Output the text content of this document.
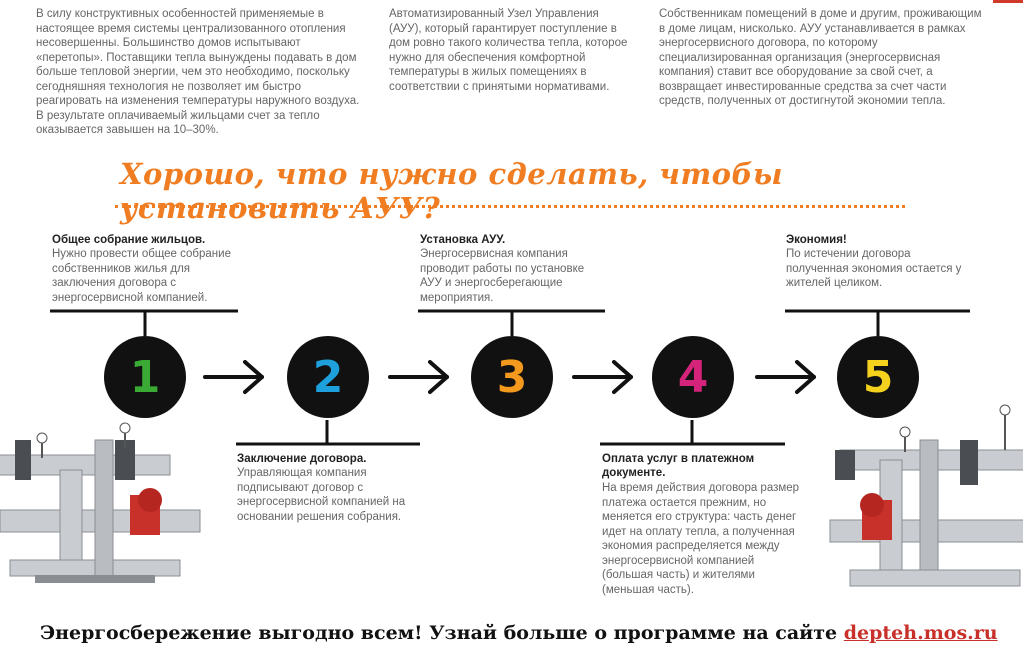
В силу конструктивных особенностей применяемые в настоящее время системы централизованного отопления несовершенны. Большинство домов испытывают «перетопы». Поставщики тепла вынуждены подавать в дом больше тепловой энергии, чем это необходимо, поскольку сегодняшняя технология не позволяет им быстро реагировать на изменения температуры наружного воздуха. В результате оплачиваемый жильцами счет за тепло оказывается завышен на 10–30%.
Автоматизированный Узел Управления (АУУ), который гарантирует поступление в дом ровно такого количества тепла, которое нужно для обеспечения комфортной температуры в жилых помещениях в соответствии с принятыми нормативами.
Собственникам помещений в доме и другим, проживающим в доме лицам, нисколько. АУУ устанавливается в рамках энергосервисного договора, по которому специализированная организация (энергосервисная компания) ставит все оборудование за свой счет, а возвращает инвестированные средства за счет части средств, полученных от достигнутой экономии тепла.
Хорошо, что нужно сделать, чтобы установить АУУ?
1	2	3	4	5
Общее собрание жильцов.
Нужно провести общее собрание собственников жилья для заключения договора с энергосервисной компанией.
Заключение договора.
Управляющая компания подписывают договор с энергосервисной компанией на основании решения собрания.
Установка АУУ.
Энергосервисная компания проводит работы по установке АУУ и энергосберегающие мероприятия.
Оплата услуг в платежном документе.
На время действия договора размер платежа остается прежним, но меняется его структура: часть денег идет на оплату тепла, а полученная экономия распределяется между энергосервисной компанией (большая часть) и жителями (меньшая часть).
Экономия!
По истечении договора полученная экономия остается у жителей целиком.
Энергосбережение выгодно всем! Узнай больше о программе на сайте depteh.mos.ru
